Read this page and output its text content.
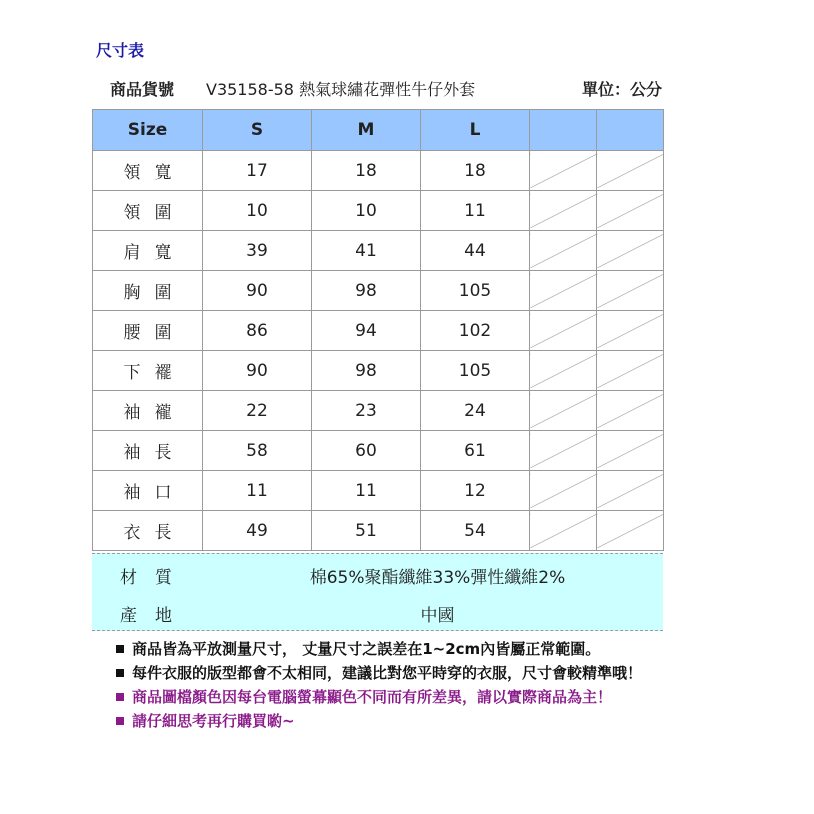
尺寸表
商品貨號 V35158-58 熱氣球繡花彈性牛仔外套	單位：公分
Size	S	M	L		
領寬	17	18	18		
領圍	10	10	11		
肩寬	39	41	44		
胸圍	90	98	105		
腰圍	86	94	102		
下襬	90	98	105		
袖襱	22	23	24		
袖長	58	60	61		
袖口	11	11	12		
衣長	49	51	54		
材質	棉65%聚酯纖維33%彈性纖維2%
產地	中國
商品皆為平放測量尺寸， 丈量尺寸之誤差在1~2cm內皆屬正常範圍。
每件衣服的版型都會不太相同，建議比對您平時穿的衣服，尺寸會較精準哦！
商品圖檔顏色因每台電腦螢幕顯色不同而有所差異，請以實際商品為主！
請仔細思考再行購買喲~
